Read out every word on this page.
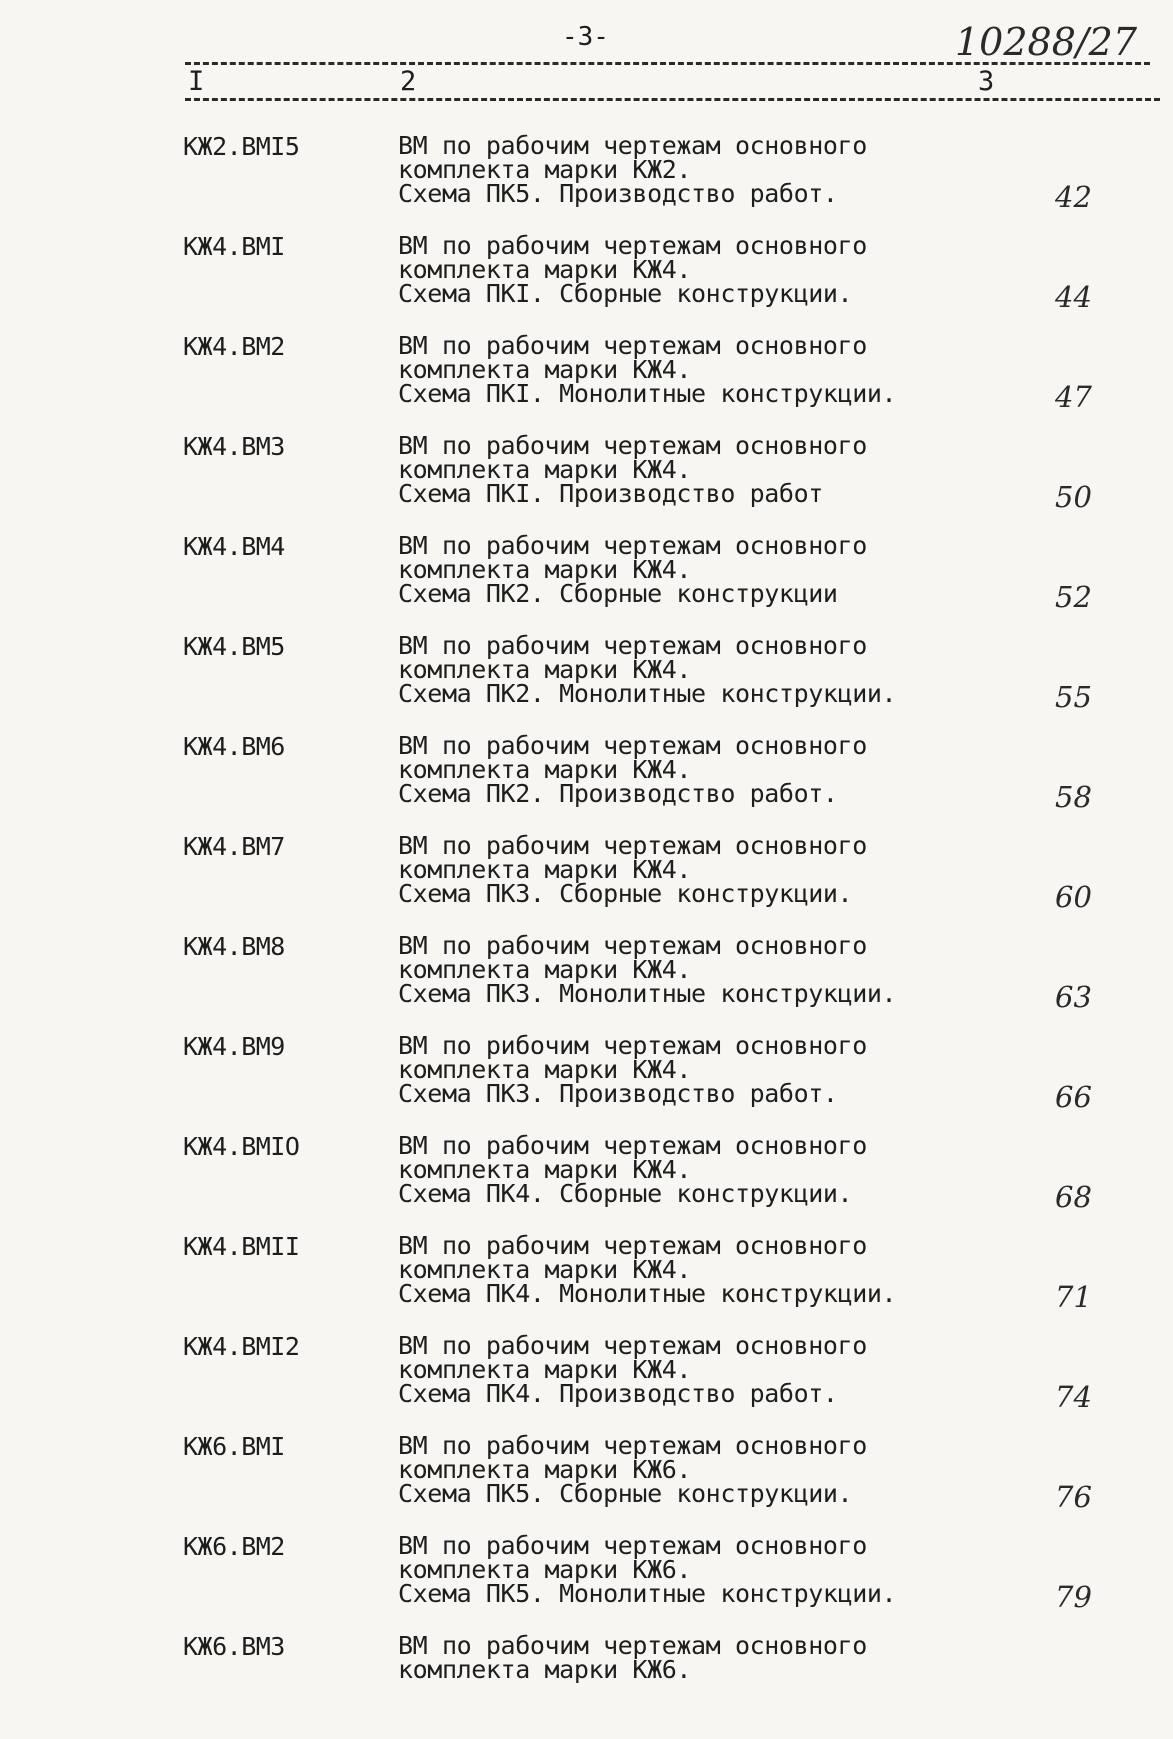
-3-	10288/27
I	2	3
КЖ2.ВМI5	ВМ по рабочим чертежам основного
комплекта марки КЖ2.
Схема ПК5. Производство работ.	42
КЖ4.ВМI	ВМ по рабочим чертежам основного
комплекта марки КЖ4.
Схема ПКI. Сборные конструкции.	44
КЖ4.ВМ2	ВМ по рабочим чертежам основного
комплекта марки КЖ4.
Схема ПКI. Монолитные конструкции.	47
КЖ4.ВМ3	ВМ по рабочим чертежам основного
комплекта марки КЖ4.
Схема ПКI. Производство работ	50
КЖ4.ВМ4	ВМ по рабочим чертежам основного
комплекта марки КЖ4.
Схема ПК2. Сборные конструкции	52
КЖ4.ВМ5	ВМ по рабочим чертежам основного
комплекта марки КЖ4.
Схема ПК2. Монолитные конструкции.	55
КЖ4.ВМ6	ВМ по рабочим чертежам основного
комплекта марки КЖ4.
Схема ПК2. Производство работ.	58
КЖ4.ВМ7	ВМ по рабочим чертежам основного
комплекта марки КЖ4.
Схема ПК3. Сборные конструкции.	60
КЖ4.ВМ8	ВМ по рабочим чертежам основного
комплекта марки КЖ4.
Схема ПК3. Монолитные конструкции.	63
КЖ4.ВМ9	ВМ по рибочим чертежам основного
комплекта марки КЖ4.
Схема ПК3. Производство работ.	66
КЖ4.ВМIO	ВМ по рабочим чертежам основного
комплекта марки КЖ4.
Схема ПК4. Сборные конструкции.	68
КЖ4.ВМII	ВМ по рабочим чертежам основного
комплекта марки КЖ4.
Схема ПК4. Монолитные конструкции.	71
КЖ4.ВМI2	ВМ по рабочим чертежам основного
комплекта марки КЖ4.
Схема ПК4. Производство работ.	74
КЖ6.ВМI	ВМ по рабочим чертежам основного
комплекта марки КЖ6.
Схема ПК5. Сборные конструкции.	76
КЖ6.ВМ2	ВМ по рабочим чертежам основного
комплекта марки КЖ6.
Схема ПК5. Монолитные конструкции.	79
КЖ6.ВМ3	ВМ по рабочим чертежам основного
комплекта марки КЖ6.
